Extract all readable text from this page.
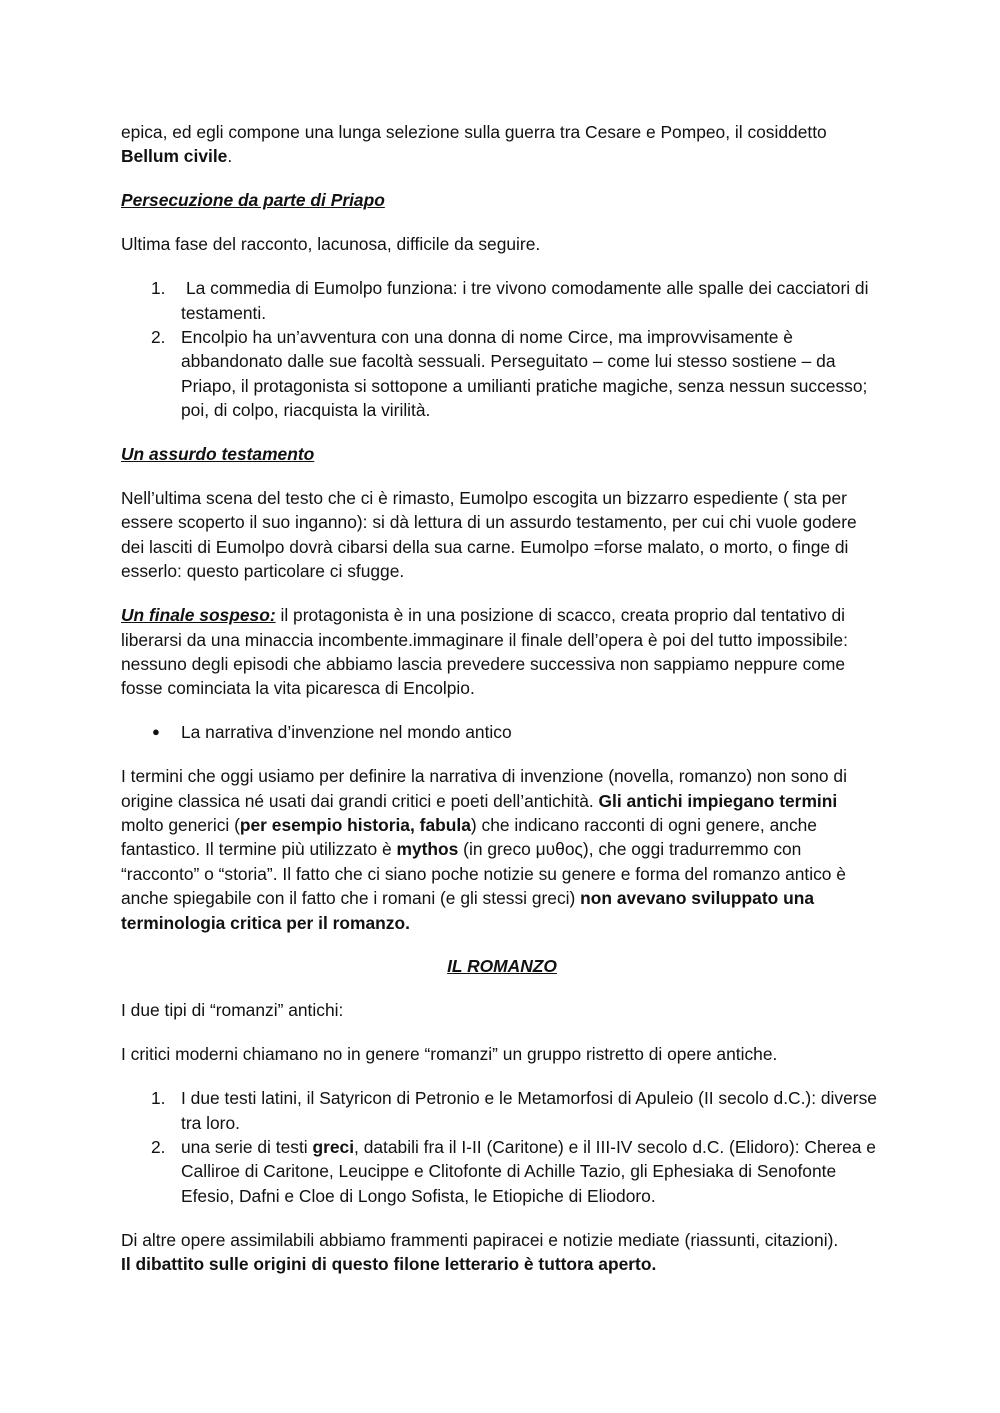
epica, ed egli compone una lunga selezione sulla guerra tra Cesare e Pompeo, il cosiddetto Bellum civile.

Persecuzione da parte di Priapo

Ultima fase del racconto, lacunosa, difficile da seguire.

1. La commedia di Eumolpo funziona: i tre vivono comodamente alle spalle dei cacciatori di testamenti.
2. Encolpio ha un’avventura con una donna di nome Circe, ma improvvisamente è abbandonato dalle sue facoltà sessuali. Perseguitato – come lui stesso sostiene – da Priapo, il protagonista si sottopone a umilianti pratiche magiche, senza nessun successo; poi, di colpo, riacquista la virilità.

Un assurdo testamento

Nell’ultima scena del testo che ci è rimasto, Eumolpo escogita un bizzarro espediente ( sta per essere scoperto il suo inganno): si dà lettura di un assurdo testamento, per cui chi vuole godere dei lasciti di Eumolpo dovrà cibarsi della sua carne. Eumolpo =forse malato, o morto, o finge di esserlo: questo particolare ci sfugge.

Un finale sospeso: il protagonista è in una posizione di scacco, creata proprio dal tentativo di liberarsi da una minaccia incombente.immaginare il finale dell’opera è poi del tutto impossibile: nessuno degli episodi che abbiamo lascia prevedere successiva non sappiamo neppure come fosse cominciata la vita picaresca di Encolpio.

● La narrativa d’invenzione nel mondo antico

I termini che oggi usiamo per definire la narrativa di invenzione (novella, romanzo) non sono di origine classica né usati dai grandi critici e poeti dell’antichità. Gli antichi impiegano termini molto generici (per esempio historia, fabula) che indicano racconti di ogni genere, anche fantastico. Il termine più utilizzato è mythos (in greco μυθος), che oggi tradurremmo con “racconto” o “storia”. Il fatto che ci siano poche notizie su genere e forma del romanzo antico è anche spiegabile con il fatto che i romani (e gli stessi greci) non avevano sviluppato una terminologia critica per il romanzo.

IL ROMANZO

I due tipi di “romanzi” antichi:

I critici moderni chiamano no in genere “romanzi” un gruppo ristretto di opere antiche.

1. I due testi latini, il Satyricon di Petronio e le Metamorfosi di Apuleio (II secolo d.C.): diverse tra loro.
2. una serie di testi greci, databili fra il I-II (Caritone) e il III-IV secolo d.C. (Elidoro): Cherea e Calliroe di Caritone, Leucippe e Clitofonte di Achille Tazio, gli Ephesiaka di Senofonte Efesio, Dafni e Cloe di Longo Sofista, le Etiopiche di Eliodoro.

Di altre opere assimilabili abbiamo frammenti papiracei e notizie mediate (riassunti, citazioni).
Il dibattito sulle origini di questo filone letterario è tuttora aperto.
